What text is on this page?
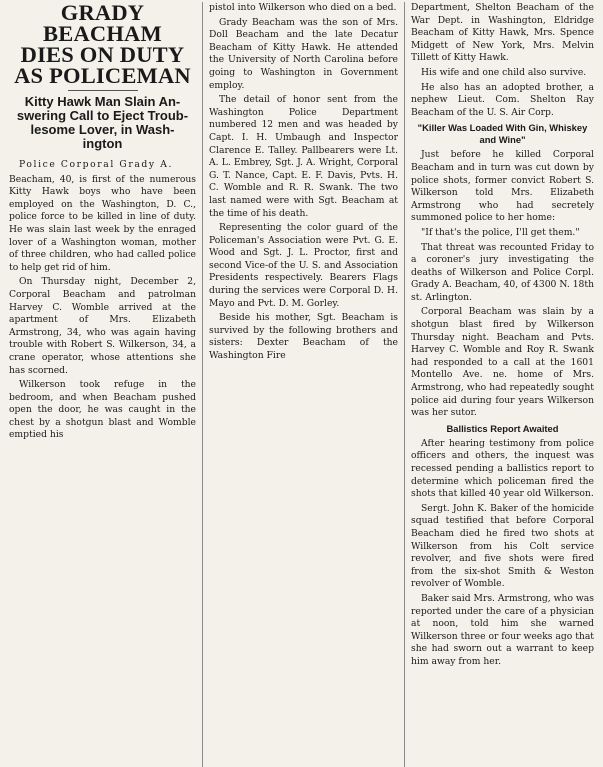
GRADY BEACHAM
DIES ON DUTY
AS POLICEMAN
Kitty Hawk Man Slain An-
swering Call to Eject Troub-
lesome Lover, in Wash-
ington

Police Corporal Grady A.

Beacham, 40, is first of the numerous Kitty Hawk boys who have been employed on the Washington, D. C., police force to be killed in line of duty. He was slain last week by the enraged lover of a Washington woman, mother of three children, who had called police to help get rid of him.

On Thursday night, December 2, Corporal Beacham and patrolman Harvey C. Womble arrived at the apartment of Mrs. Elizabeth Armstrong, 34, who was again having trouble with Robert S. Wilkerson, 34, a crane operator, whose attentions she has scorned.

Wilkerson took refuge in the bedroom, and when Beacham pushed open the door, he was caught in the chest by a shotgun blast and Womble emptied his

pistol into Wilkerson who died on a bed.

Grady Beacham was the son of Mrs. Doll Beacham and the late Decatur Beacham of Kitty Hawk. He attended the University of North Carolina before going to Washington in Government employ.

The detail of honor sent from the Washington Police Department numbered 12 men and was headed by Capt. I. H. Umbaugh and Inspector Clarence E. Talley. Pallbearers were Lt. A. L. Embrey, Sgt. J. A. Wright, Corporal G. T. Nance, Capt. E. F. Davis, Pvts. H. C. Womble and R. R. Swank. The two last named were with Sgt. Beacham at the time of his death.

Representing the color guard of the Policeman's Association were Pvt. G. E. Wood and Sgt. J. L. Proctor, first and second Vice-of the U. S. and Association Presidents respectively. Bearers Flags during the services were Corporal D. H. Mayo and Pvt. D. M. Gorley.

Beside his mother, Sgt. Beacham is survived by the following brothers and sisters: Dexter Beacham of the Washington Fire

Department, Shelton Beacham of the War Dept. in Washington, Eldridge Beacham of Kitty Hawk, Mrs. Spence Midgett of New York, Mrs. Melvin Tillett of Kitty Hawk.

His wife and one child also survive.

He also has an adopted brother, a nephew Lieut. Com. Shelton Ray Beacham of the U. S. Air Corp.

"Killer Was Loaded With Gin, Whiskey and Wine"

Just before he killed Corporal Beacham and in turn was cut down by police shots, former convict Robert S. Wilkerson told Mrs. Elizabeth Armstrong who had secretely summoned police to her home:

"If that's the police, I'll get them."

That threat was recounted Friday to a coroner's jury investigating the deaths of Wilkerson and Police Corpl. Grady A. Beacham, 40, of 4300 N. 18th st. Arlington.

Corporal Beacham was slain by a shotgun blast fired by Wilkerson Thursday night. Beacham and Pvts. Harvey C. Womble and Roy R. Swank had responded to a call at the 1601 Montello Ave. ne. home of Mrs. Armstrong, who had repeatedly sought police aid during four years Wilkerson was her sutor.

Ballistics Report Awaited

After hearing testimony from police officers and others, the inquest was recessed pending a ballistics report to determine which policeman fired the shots that killed 40 year old Wilkerson.

Sergt. John K. Baker of the homicide squad testified that before Corporal Beacham died he fired two shots at Wilkerson from his Colt service revolver, and five shots were fired from the six-shot Smith & Weston revolver of Womble.

Baker said Mrs. Armstrong, who was reported under the care of a physician at noon, told him she warned Wilkerson three or four weeks ago that she had sworn out a warrant to keep him away from her.
